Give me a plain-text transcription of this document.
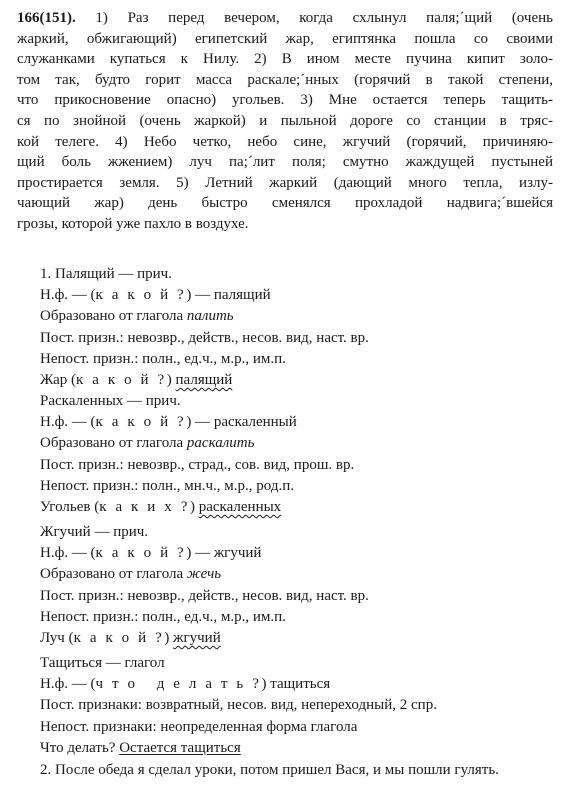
166(151). 1) Раз перед вечером, когда схлынул паля;´щий (очень
жаркий, обжигающий) египетский жар, египтянка пошла со своими
служанками купаться к Нилу. 2) В ином месте пучина кипит золо-
том так, будто горит масса раскале;´нных (горячий в такой степени,
что прикосновение опасно) угольев. 3) Мне остается теперь тащить-
ся по знойной (очень жаркой) и пыльной дороге со станции в тряс-
кой телеге. 4) Небо четко, небо сине, жгучий (горячий, причиняю-
щий боль жжением) луч па;´лит поля; смутно жаждущей пустыней
простирается земля. 5) Летний жаркий (дающий много тепла, излу-
чающий жар) день быстро сменялся прохладой надвига;´вшейся
грозы, которой уже пахло в воздухе.
1. Палящий — прич.
Н.ф. — (к а к о й ?) — палящий
Образовано от глагола палить
Пост. призн.: невозвр., действ., несов. вид, наст. вр.
Непост. призн.: полн., ед.ч., м.р., им.п.
Жар (к а к о й ?) палящий
Раскаленных — прич.
Н.ф. — (к а к о й ?) — раскаленный
Образовано от глагола раскалить
Пост. призн.: невозвр., страд., сов. вид, прош. вр.
Непост. призн.: полн., мн.ч., м.р., род.п.
Угольев (к а к и х ?) раскаленных
Жгучий — прич.
Н.ф. — (к а к о й ?) — жгучий
Образовано от глагола жечь
Пост. призн.: невозвр., действ., несов. вид, наст. вр.
Непост. призн.: полн., ед.ч., м.р., им.п.
Луч (к а к о й ?) жгучий
Тащиться — глагол
Н.ф. — (ч т о   д е л а т ь ?) тащиться
Пост. признаки: возвратный, несов. вид, непереходный, 2 спр.
Непост. признаки: неопределенная форма глагола
Что делать? Остается тащиться
2. После обеда я сделал уроки, потом пришел Вася, и мы пошли гулять.
